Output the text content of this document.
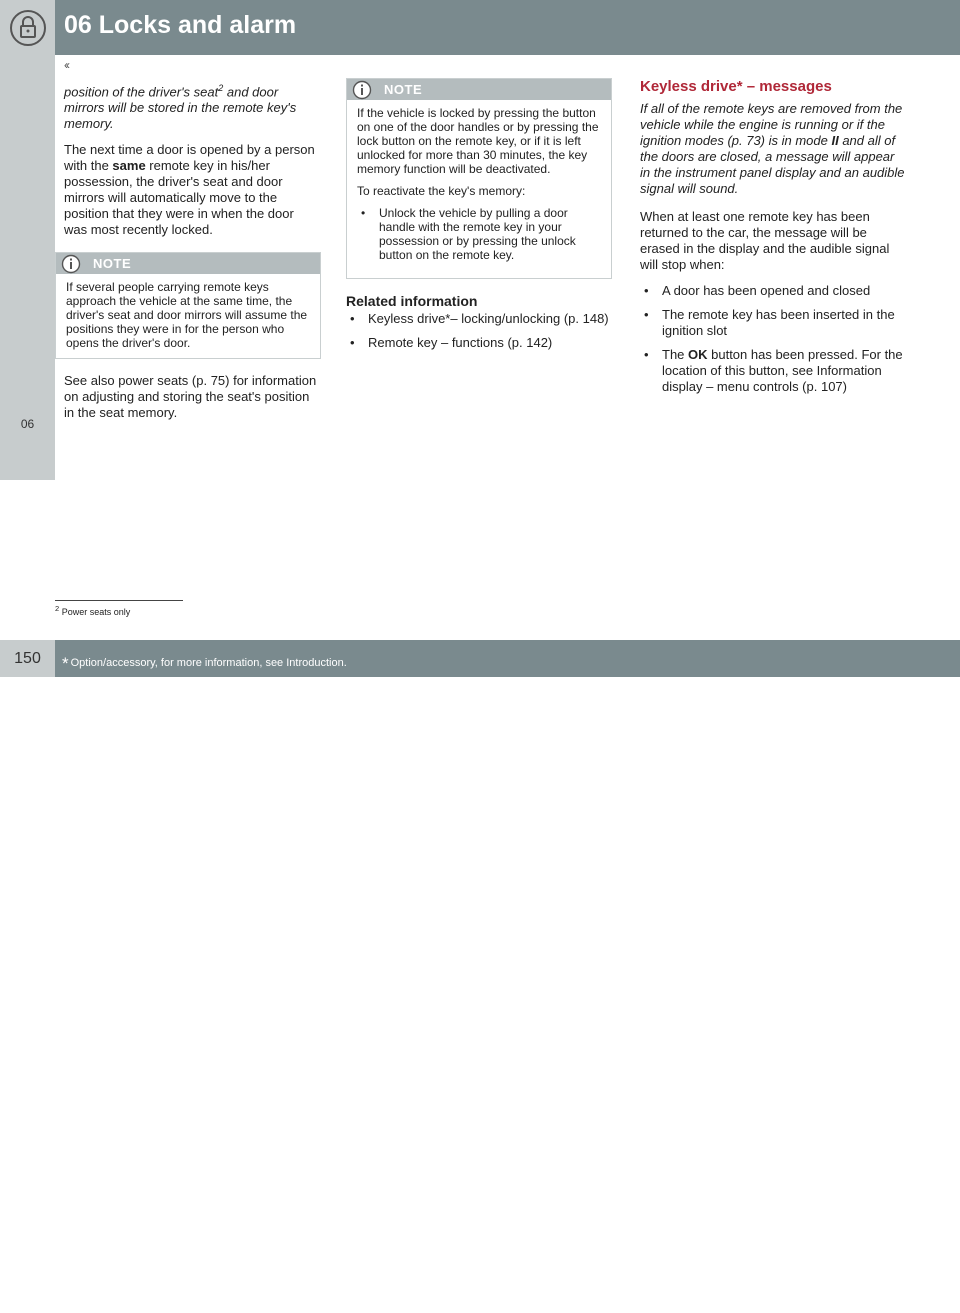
06 Locks and alarm
06
‹‹

position of the driver's seat$^2$ and door mirrors will be stored in the remote key's memory.

The next time a door is opened by a person with the same remote key in his/her possession, the driver's seat and door mirrors will automatically move to the position that they were in when the door was most recently locked.

NOTE
If several people carrying remote keys approach the vehicle at the same time, the driver's seat and door mirrors will assume the positions they were in for the person who opens the driver's door.

See also power seats (p. 75) for information on adjusting and storing the seat's position in the seat memory.

NOTE

If the vehicle is locked by pressing the button on one of the door handles or by pressing the lock button on the remote key, or if it is left unlocked for more than 30 minutes, the key memory function will be deactivated.

To reactivate the key's memory:

• Unlock the vehicle by pulling a door handle with the remote key in your possession or by pressing the unlock button on the remote key.
Related information
• Keyless drive*– locking/unlocking (p. 148)
• Remote key – functions (p. 142)
Keyless drive* – messages

If all of the remote keys are removed from the vehicle while the engine is running or if the ignition modes (p. 73) is in mode II and all of the doors are closed, a message will appear in the instrument panel display and an audible signal will sound.

When at least one remote key has been returned to the car, the message will be erased in the display and the audible signal will stop when:

• A door has been opened and closed
• The remote key has been inserted in the ignition slot
• The OK button has been pressed. For the location of this button, see Information display – menu controls (p. 107)
$^2$ Power seats only
* Option/accessory, for more information, see Introduction.
carmanualsonline.info
150
